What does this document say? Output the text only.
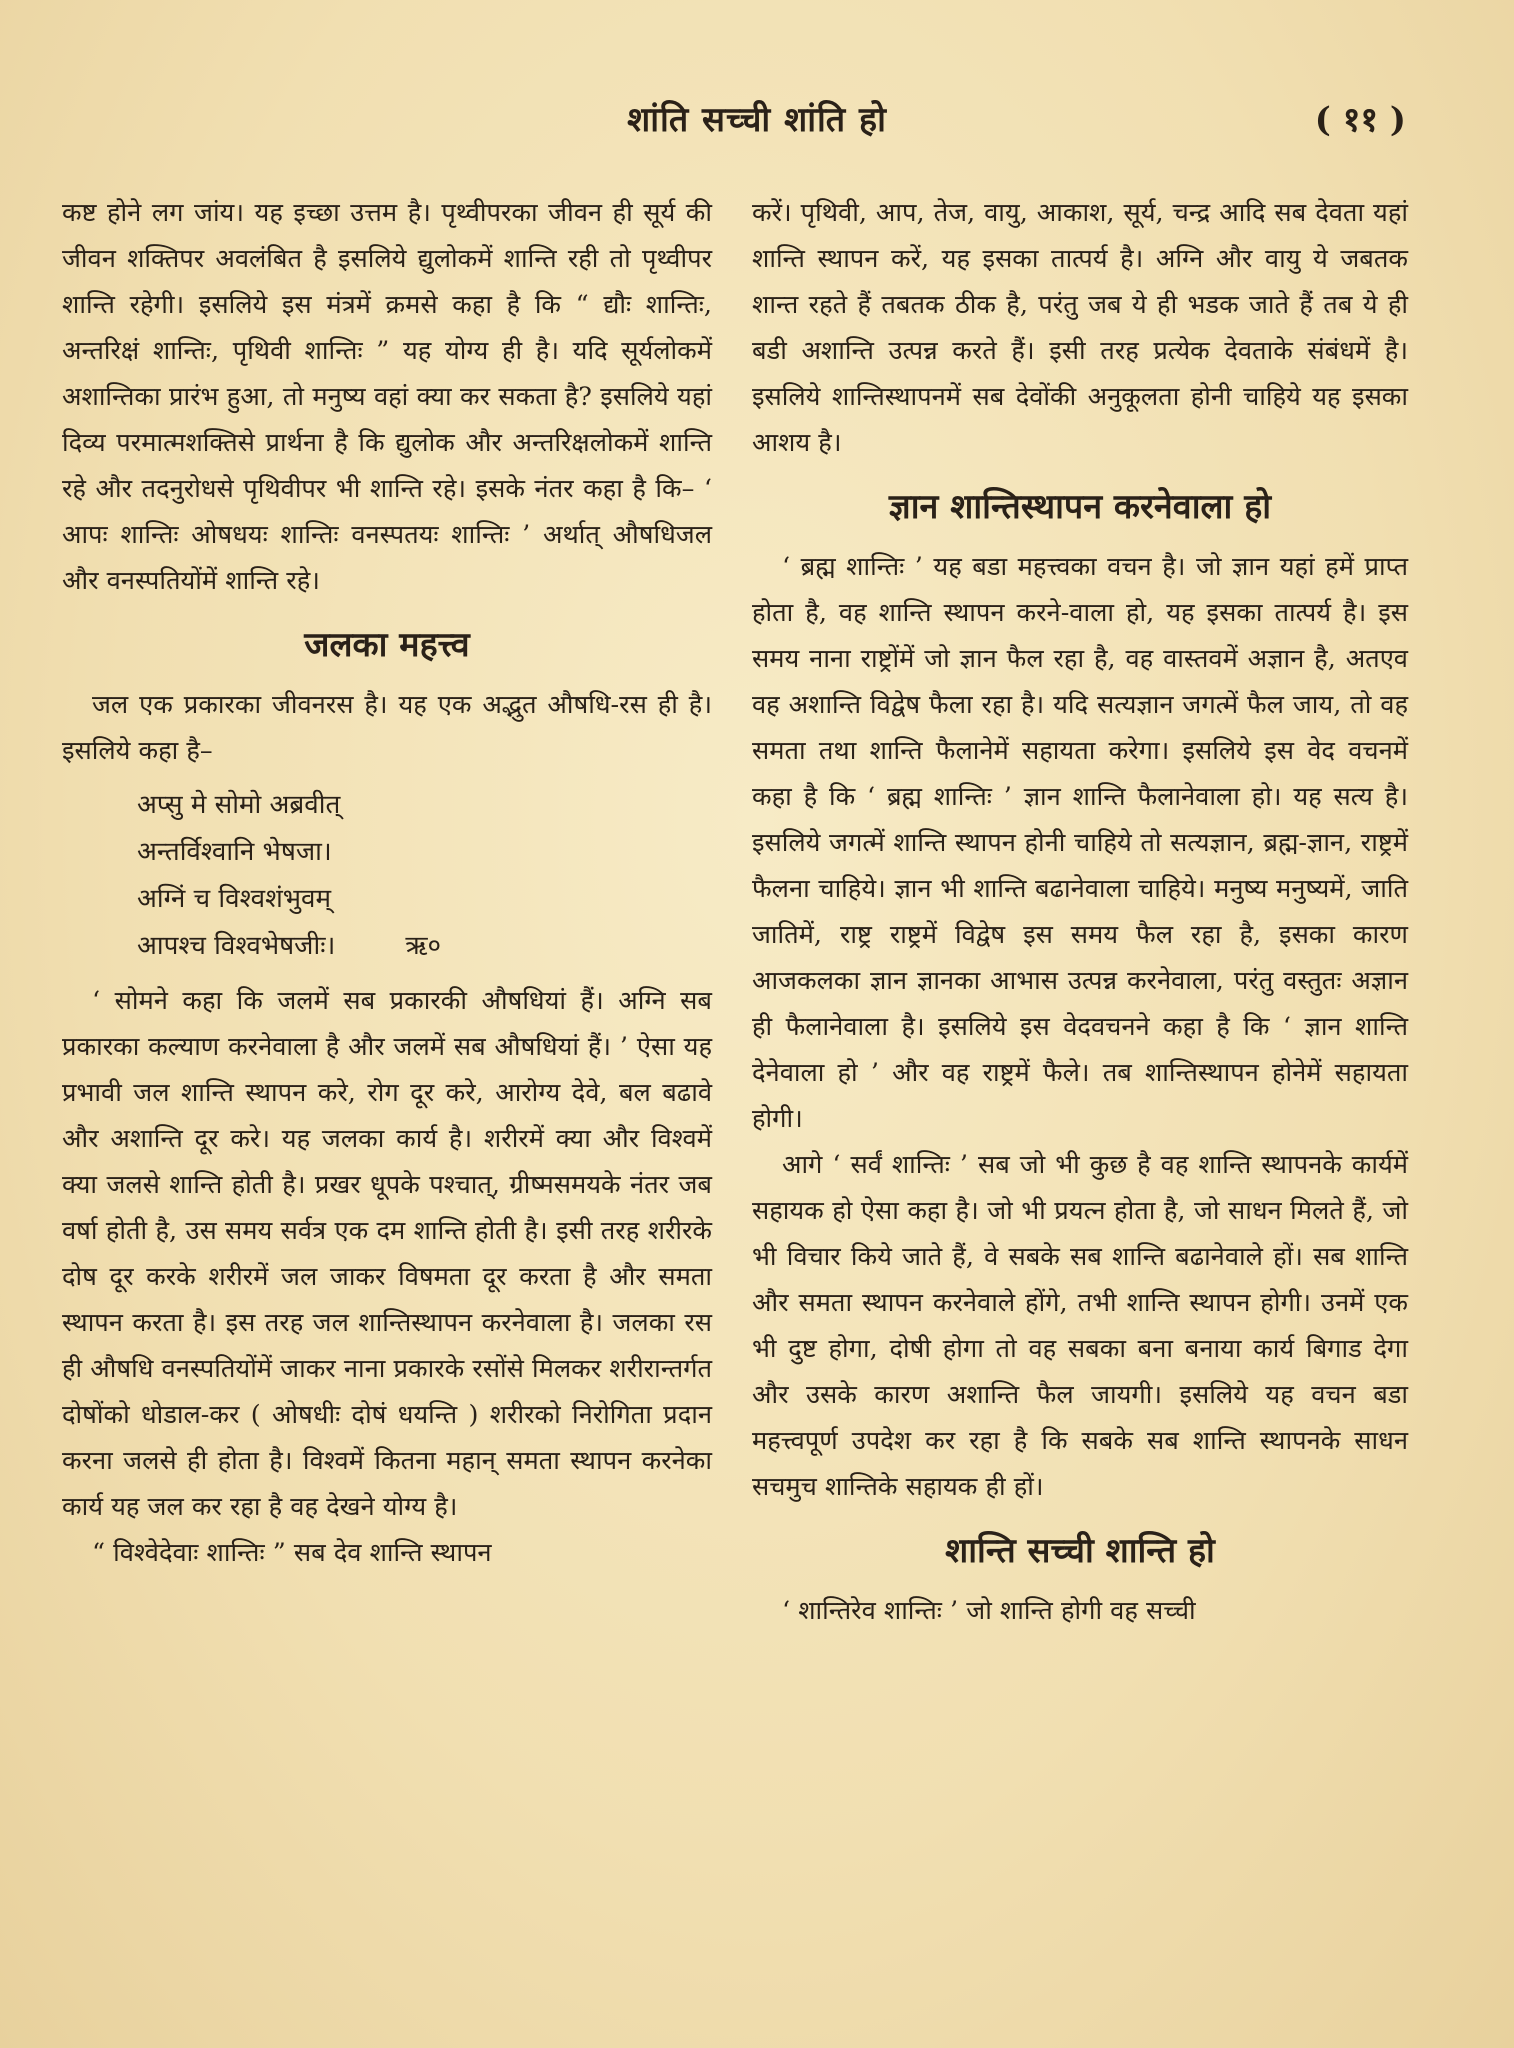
शांति सच्ची शांति हो	( ११ )

कष्ट होने लग जांय। यह इच्छा उत्तम है। पृथ्वीपरका जीवन ही सूर्य की जीवन शक्तिपर अवलंबित है इसलिये द्युलोकमें शान्ति रही तो पृथ्वीपर शान्ति रहेगी। इसलिये इस मंत्रमें क्रमसे कहा है कि “ द्यौः शान्तिः, अन्तरिक्षं शान्तिः, पृथिवी शान्तिः ” यह योग्य ही है। यदि सूर्यलोकमें अशान्तिका प्रारंभ हुआ, तो मनुष्य वहां क्या कर सकता है? इसलिये यहां दिव्य परमात्मशक्तिसे प्रार्थना है कि द्युलोक और अन्तरिक्षलोकमें शान्ति रहे और तदनुरोधसे पृथिवीपर भी शान्ति रहे। इसके नंतर कहा है कि– ‘ आपः शान्तिः ओषधयः शान्तिः वनस्पतयः शान्तिः ’ अर्थात् औषधिजल और वनस्पतियोंमें शान्ति रहे।

जलका महत्त्व

जल एक प्रकारका जीवनरस है। यह एक अद्भुत औषधि-रस ही है। इसलिये कहा है–

अप्सु मे सोमो अब्रवीत्
अन्तर्विश्वानि भेषजा।
अग्निं च विश्वशंभुवम्
आपश्च विश्वभेषजीः।	ऋ०

‘ सोमने कहा कि जलमें सब प्रकारकी औषधियां हैं। अग्नि सब प्रकारका कल्याण करनेवाला है और जलमें सब औषधियां हैं। ’ ऐसा यह प्रभावी जल शान्ति स्थापन करे, रोग दूर करे, आरोग्य देवे, बल बढावे और अशान्ति दूर करे। यह जलका कार्य है। शरीरमें क्या और विश्वमें क्या जलसे शान्ति होती है। प्रखर धूपके पश्चात्, ग्रीष्मसमयके नंतर जब वर्षा होती है, उस समय सर्वत्र एक दम शान्ति होती है। इसी तरह शरीरके दोष दूर करके शरीरमें जल जाकर विषमता दूर करता है और समता स्थापन करता है। इस तरह जल शान्तिस्थापन करनेवाला है। जलका रस ही औषधि वनस्पतियोंमें जाकर नाना प्रकारके रसोंसे मिलकर शरीरान्तर्गत दोषोंको धोडाल-कर ( ओषधीः दोषं धयन्ति ) शरीरको निरोगिता प्रदान करना जलसे ही होता है। विश्वमें कितना महान् समता स्थापन करनेका कार्य यह जल कर रहा है वह देखने योग्य है।

“ विश्वेदेवाः शान्तिः ” सब देव शान्ति स्थापन

करें। पृथिवी, आप, तेज, वायु, आकाश, सूर्य, चन्द्र आदि सब देवता यहां शान्ति स्थापन करें, यह इसका तात्पर्य है। अग्नि और वायु ये जबतक शान्त रहते हैं तबतक ठीक है, परंतु जब ये ही भडक जाते हैं तब ये ही बडी अशान्ति उत्पन्न करते हैं। इसी तरह प्रत्येक देवताके संबंधमें है। इसलिये शान्तिस्थापनमें सब देवोंकी अनुकूलता होनी चाहिये यह इसका आशय है।

ज्ञान शान्तिस्थापन करनेवाला हो

‘ ब्रह्म शान्तिः ’ यह बडा महत्त्वका वचन है। जो ज्ञान यहां हमें प्राप्त होता है, वह शान्ति स्थापन करने-वाला हो, यह इसका तात्पर्य है। इस समय नाना राष्ट्रोंमें जो ज्ञान फैल रहा है, वह वास्तवमें अज्ञान है, अतएव वह अशान्ति विद्वेष फैला रहा है। यदि सत्यज्ञान जगत्में फैल जाय, तो वह समता तथा शान्ति फैलानेमें सहायता करेगा। इसलिये इस वेद वचनमें कहा है कि ‘ ब्रह्म शान्तिः ’ ज्ञान शान्ति फैलानेवाला हो। यह सत्य है। इसलिये जगत्में शान्ति स्थापन होनी चाहिये तो सत्यज्ञान, ब्रह्म-ज्ञान, राष्ट्रमें फैलना चाहिये। ज्ञान भी शान्ति बढानेवाला चाहिये। मनुष्य मनुष्यमें, जाति जातिमें, राष्ट्र राष्ट्रमें विद्वेष इस समय फैल रहा है, इसका कारण आजकलका ज्ञान ज्ञानका आभास उत्पन्न करनेवाला, परंतु वस्तुतः अज्ञान ही फैलानेवाला है। इसलिये इस वेदवचनने कहा है कि ‘ ज्ञान शान्ति देनेवाला हो ’ और वह राष्ट्रमें फैले। तब शान्तिस्थापन होनेमें सहायता होगी।

आगे ‘ सर्वं शान्तिः ’ सब जो भी कुछ है वह शान्ति स्थापनके कार्यमें सहायक हो ऐसा कहा है। जो भी प्रयत्न होता है, जो साधन मिलते हैं, जो भी विचार किये जाते हैं, वे सबके सब शान्ति बढानेवाले हों। सब शान्ति और समता स्थापन करनेवाले होंगे, तभी शान्ति स्थापन होगी। उनमें एक भी दुष्ट होगा, दोषी होगा तो वह सबका बना बनाया कार्य बिगाड देगा और उसके कारण अशान्ति फैल जायगी। इसलिये यह वचन बडा महत्त्वपूर्ण उपदेश कर रहा है कि सबके सब शान्ति स्थापनके साधन सचमुच शान्तिके सहायक ही हों।

शान्ति सच्ची शान्ति हो

‘ शान्तिरेव शान्तिः ’ जो शान्ति होगी वह सच्ची
